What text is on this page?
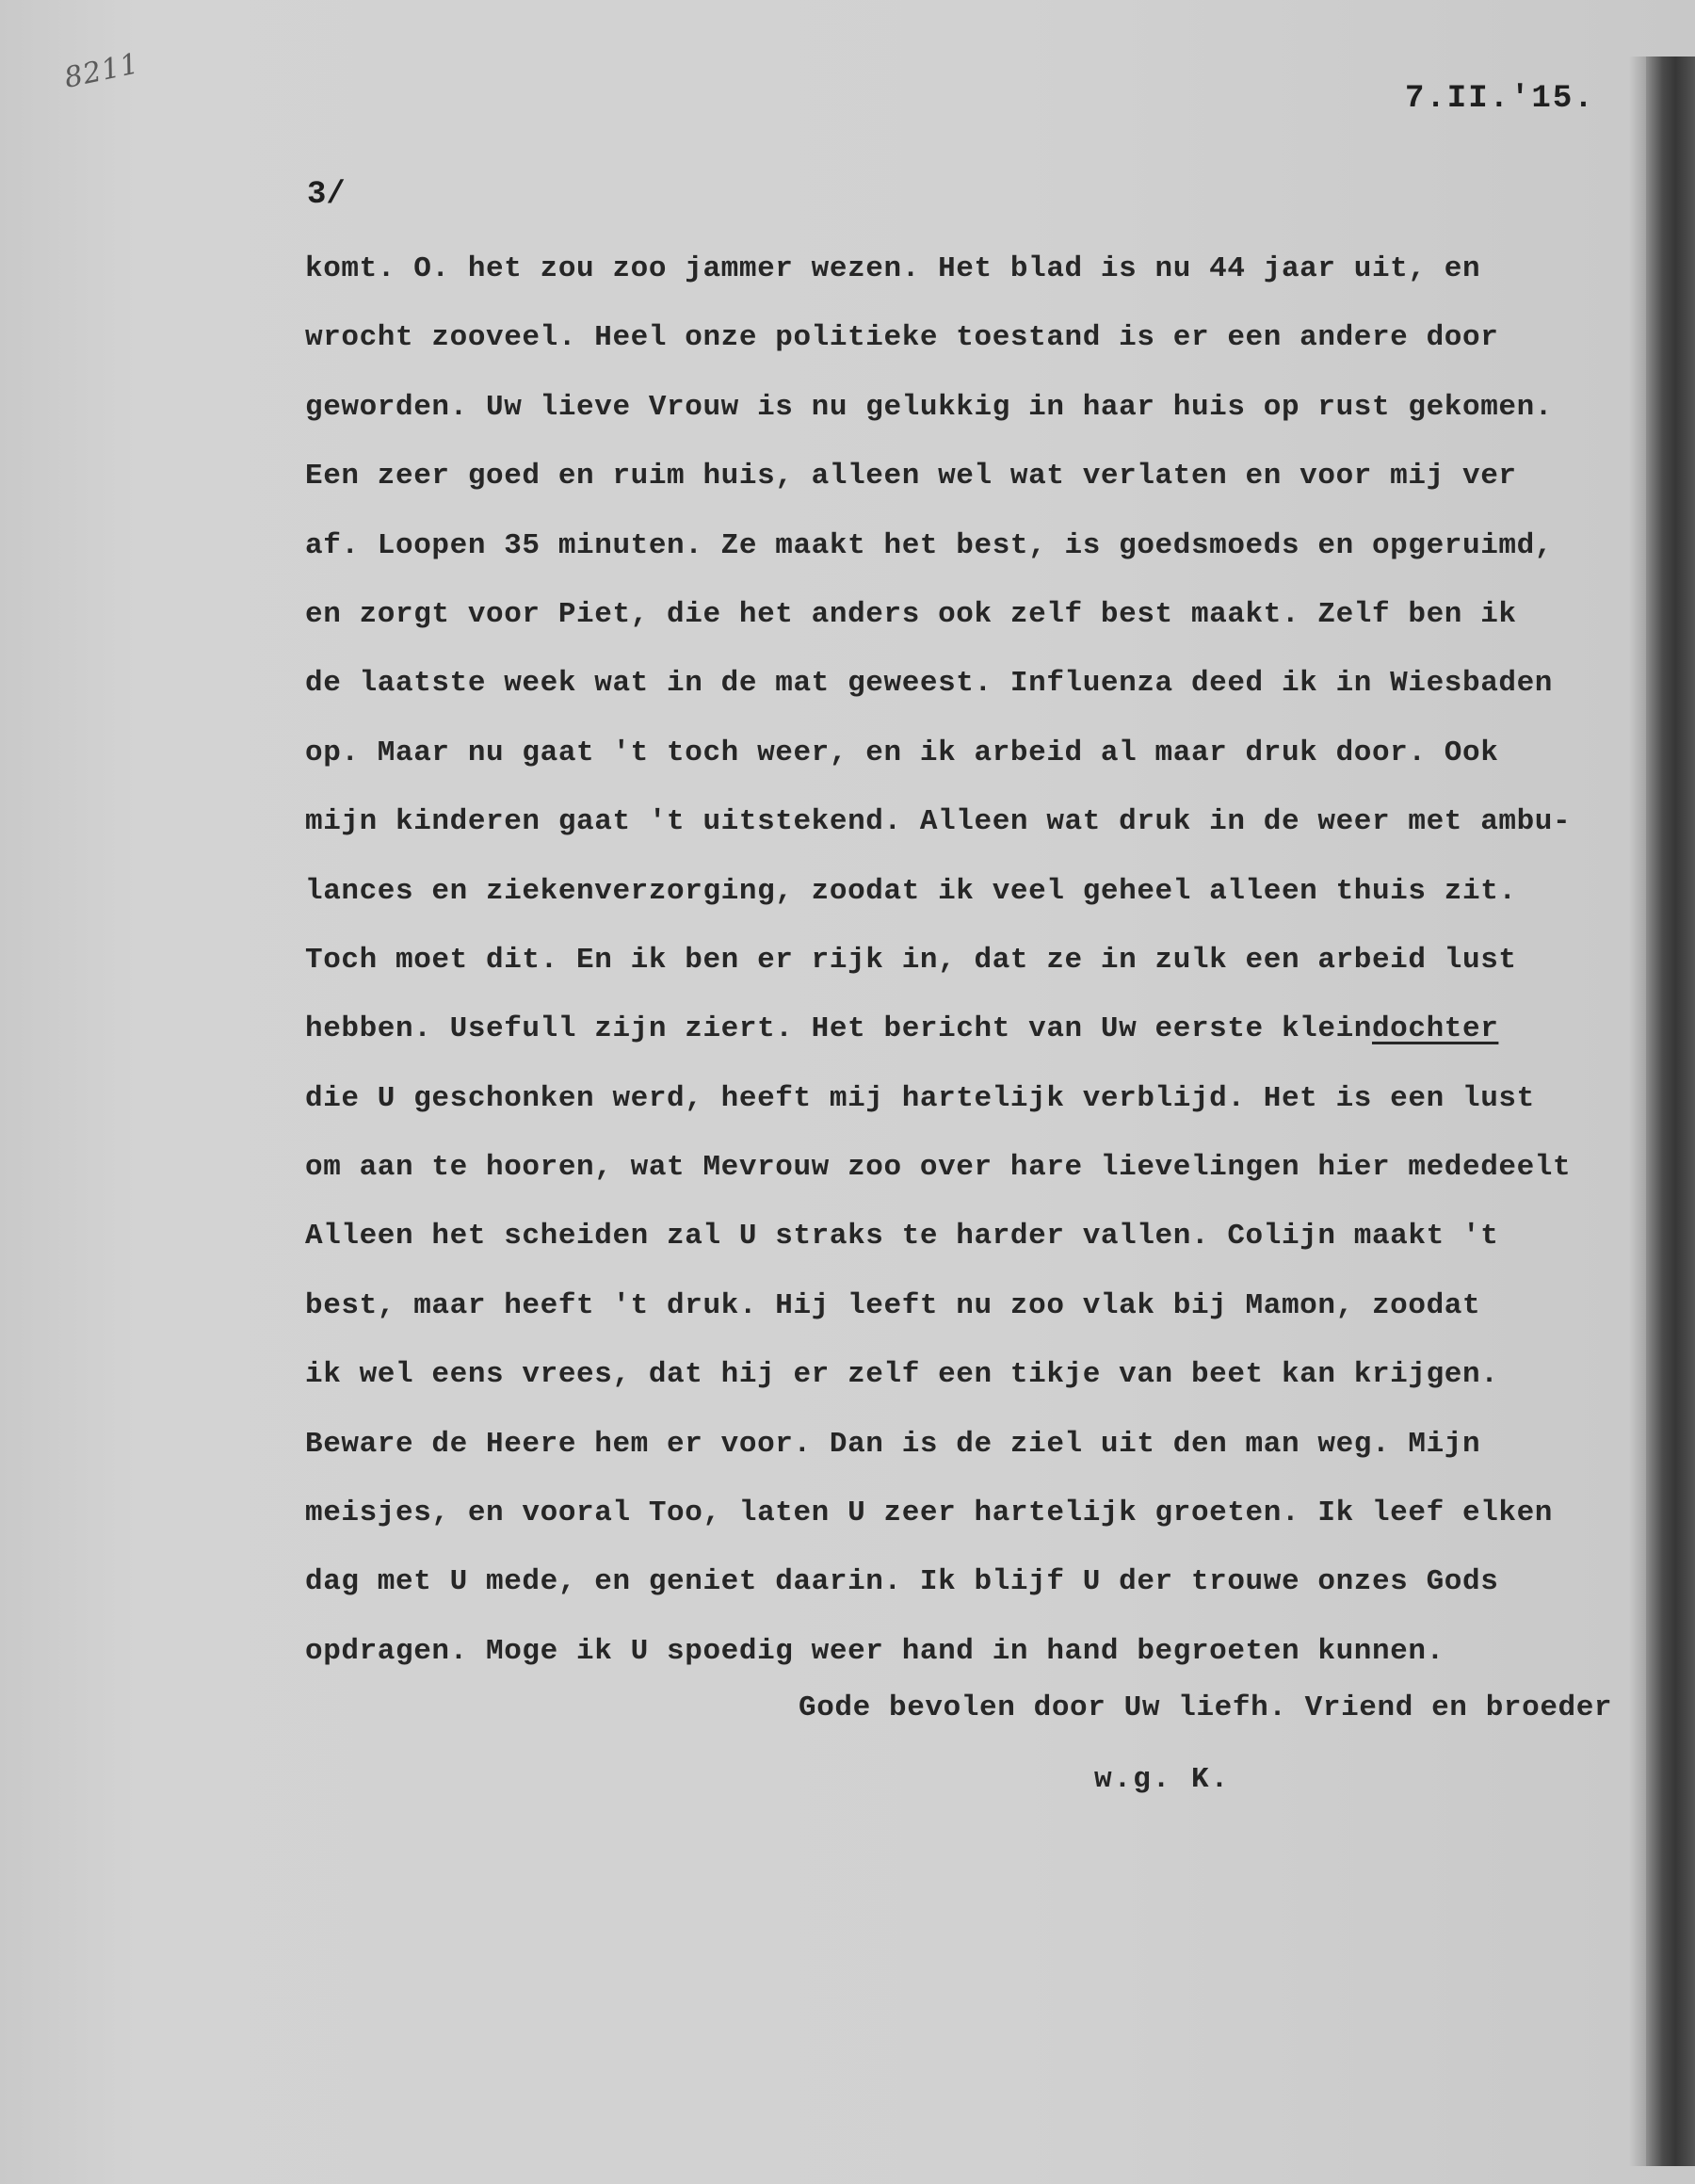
8211
7.II.'15.
3/
komt. O. het zou zoo jammer wezen. Het blad is nu 44 jaar uit, en
wrocht zooveel. Heel onze politieke toestand is er een andere door
geworden. Uw lieve Vrouw is nu gelukkig in haar huis op rust gekomen.
Een zeer goed en ruim huis, alleen wel wat verlaten en voor mij ver
af. Loopen 35 minuten. Ze maakt het best, is goedsmoeds en opgeruimd,
en zorgt voor Piet, die het anders ook zelf best maakt. Zelf ben ik
de laatste week wat in de mat geweest. Influenza deed ik in Wiesbaden
op. Maar nu gaat 't toch weer, en ik arbeid al maar druk door. Ook
mijn kinderen gaat 't uitstekend. Alleen wat druk in de weer met ambu-
lances en ziekenverzorging, zoodat ik veel geheel alleen thuis zit.
Toch moet dit. En ik ben er rijk in, dat ze in zulk een arbeid lust
hebben. Usefull zijn ziert. Het bericht van Uw eerste kleindochter
die U geschonken werd, heeft mij hartelijk verblijd. Het is een lust
om aan te hooren, wat Mevrouw zoo over hare lievelingen hier mededeelt
Alleen het scheiden zal U straks te harder vallen. Colijn maakt 't
best, maar heeft 't druk. Hij leeft nu zoo vlak bij Mamon, zoodat
ik wel eens vrees, dat hij er zelf een tikje van beet kan krijgen.
Beware de Heere hem er voor. Dan is de ziel uit den man weg. Mijn
meisjes, en vooral Too, laten U zeer hartelijk groeten. Ik leef elken
dag met U mede, en geniet daarin. Ik blijf U der trouwe onzes Gods
opdragen. Moge ik U spoedig weer hand in hand begroeten kunnen.
Gode bevolen door Uw liefh. Vriend en broeder
w.g. K.
